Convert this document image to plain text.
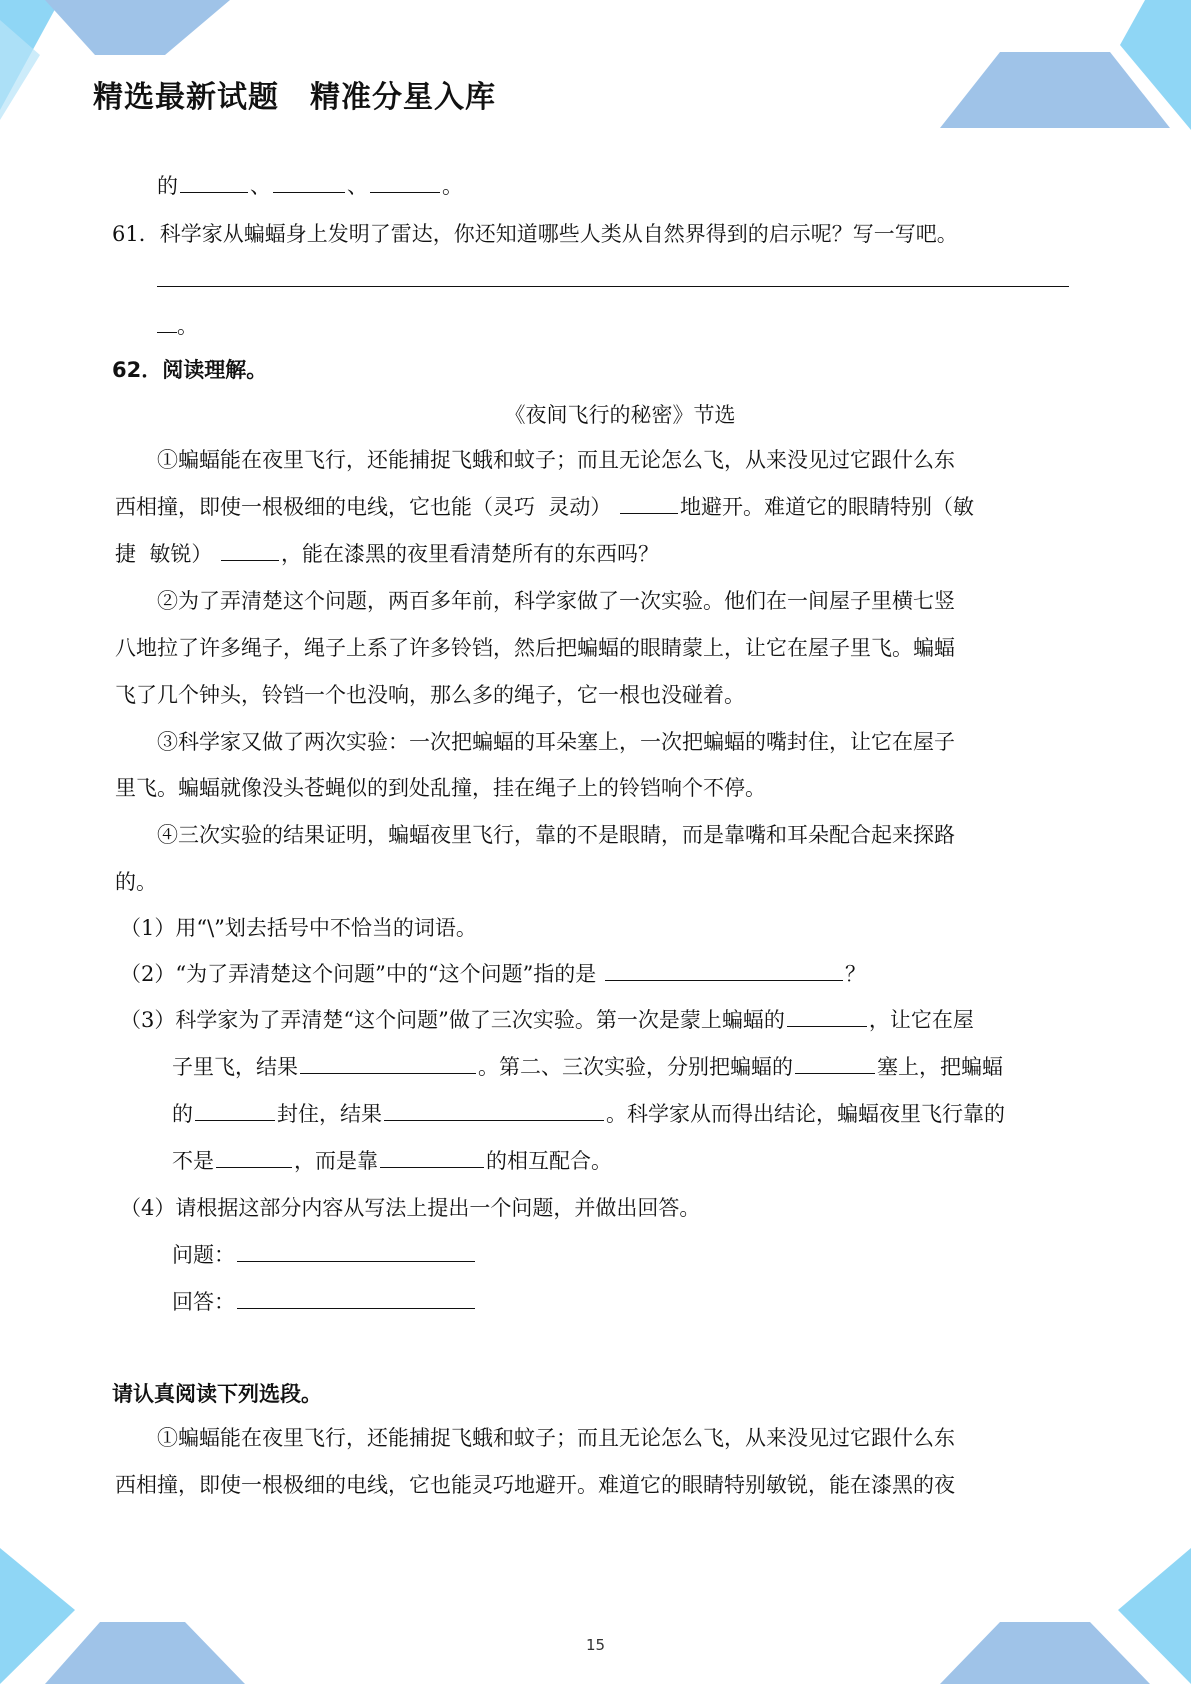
精选最新试题　精准分星入库
的	、	、	。
61．科学家从蝙蝠身上发明了雷达，你还知道哪些人类从自然界得到的启示呢？写一写吧。
。
62．阅读理解。
《夜间飞行的秘密》节选
①蝙蝠能在夜里飞行，还能捕捉飞蛾和蚊子；而且无论怎么飞，从来没见过它跟什么东
西相撞，即使一根极细的电线，它也能（灵巧  灵动）	地避开。难道它的眼睛特别（敏
捷  敏锐）	，能在漆黑的夜里看清楚所有的东西吗？
②为了弄清楚这个问题，两百多年前，科学家做了一次实验。他们在一间屋子里横七竖
八地拉了许多绳子，绳子上系了许多铃铛，然后把蝙蝠的眼睛蒙上，让它在屋子里飞。蝙蝠
飞了几个钟头，铃铛一个也没响，那么多的绳子，它一根也没碰着。
③科学家又做了两次实验：一次把蝙蝠的耳朵塞上，一次把蝙蝠的嘴封住，让它在屋子
里飞。蝙蝠就像没头苍蝇似的到处乱撞，挂在绳子上的铃铛响个不停。
④三次实验的结果证明，蝙蝠夜里飞行，靠的不是眼睛，而是靠嘴和耳朵配合起来探路
的。
（1）用“\”划去括号中不恰当的词语。
（2）“为了弄清楚这个问题”中的“这个问题”指的是	？
（3）科学家为了弄清楚“这个问题”做了三次实验。第一次是蒙上蝙蝠的	，让它在屋
子里飞，结果	。第二、三次实验，分别把蝙蝠的	塞上，把蝙蝠
的	封住，结果	。科学家从而得出结论，蝙蝠夜里飞行靠的
不是	，而是靠	的相互配合。
（4）请根据这部分内容从写法上提出一个问题，并做出回答。
问题：
回答：
请认真阅读下列选段。
①蝙蝠能在夜里飞行，还能捕捉飞蛾和蚊子；而且无论怎么飞，从来没见过它跟什么东
西相撞，即使一根极细的电线，它也能灵巧地避开。难道它的眼睛特别敏锐，能在漆黑的夜
15
